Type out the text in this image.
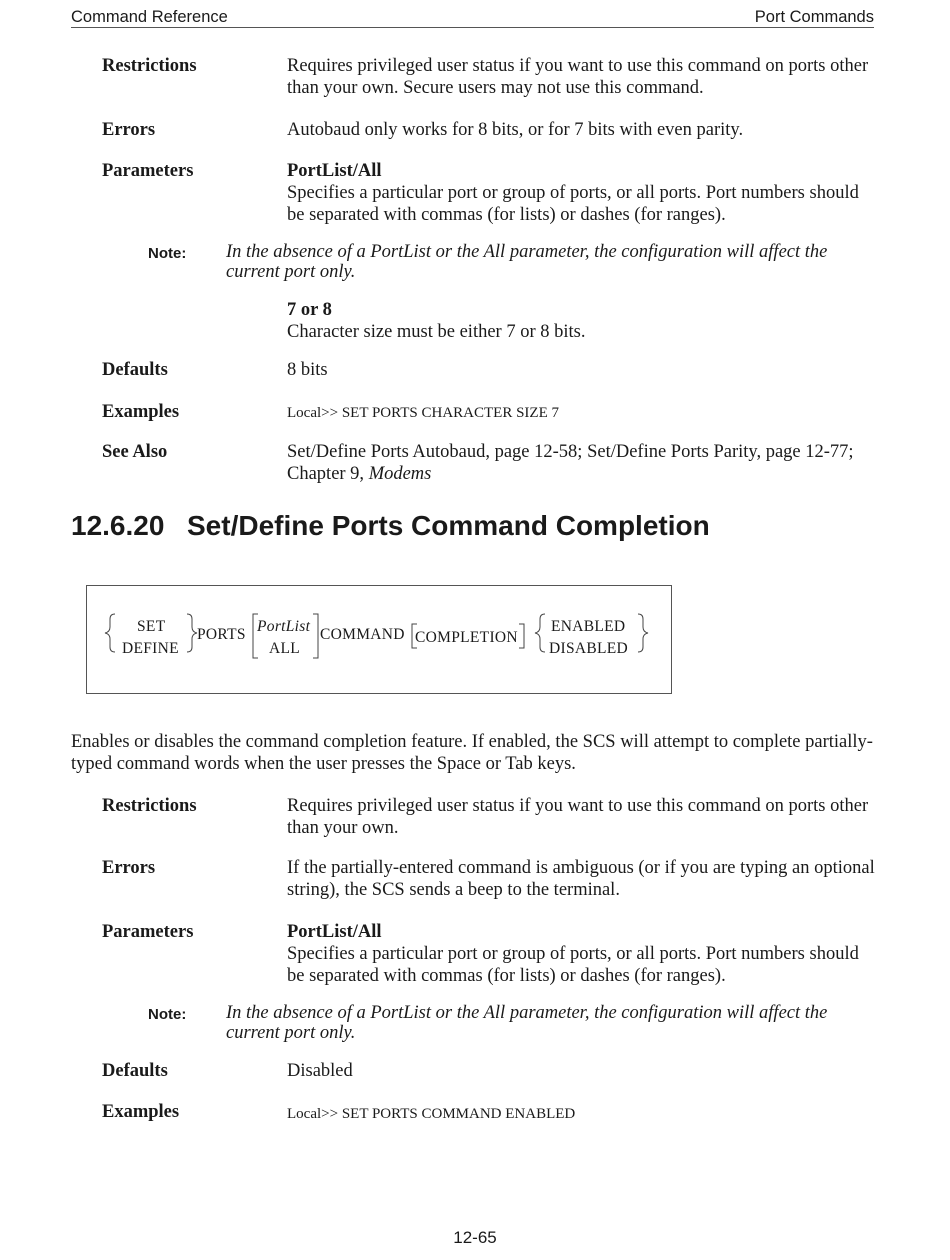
Command Reference	Port Commands
Restrictions	Requires privileged user status if you want to use this command on ports other than your own. Secure users may not use this command.
Errors	Autobaud only works for 8 bits, or for 7 bits with even parity.
Parameters	PortList/All
Specifies a particular port or group of ports, or all ports. Port numbers should be separated with commas (for lists) or dashes (for ranges).
Note: In the absence of a PortList or the All parameter, the configuration will affect the current port only.
7 or 8
Character size must be either 7 or 8 bits.
Defaults	8 bits
Examples	Local>> SET PORTS CHARACTER SIZE 7
See Also	Set/Define Ports Autobaud, page 12-58; Set/Define Ports Parity, page 12-77; Chapter 9, Modems
12.6.20 Set/Define Ports Command Completion
SET
DEFINE
PORTS PortList
ALL
COMMAND COMPLETION
ENABLED
DISABLED
Enables or disables the command completion feature. If enabled, the SCS will attempt to complete partially-typed command words when the user presses the Space or Tab keys.
Restrictions	Requires privileged user status if you want to use this command on ports other than your own.
Errors	If the partially-entered command is ambiguous (or if you are typing an optional string), the SCS sends a beep to the terminal.
Parameters	PortList/All
Specifies a particular port or group of ports, or all ports. Port numbers should be separated with commas (for lists) or dashes (for ranges).
Note: In the absence of a PortList or the All parameter, the configuration will affect the current port only.
Defaults	Disabled
Examples	Local>> SET PORTS COMMAND ENABLED
12-65
